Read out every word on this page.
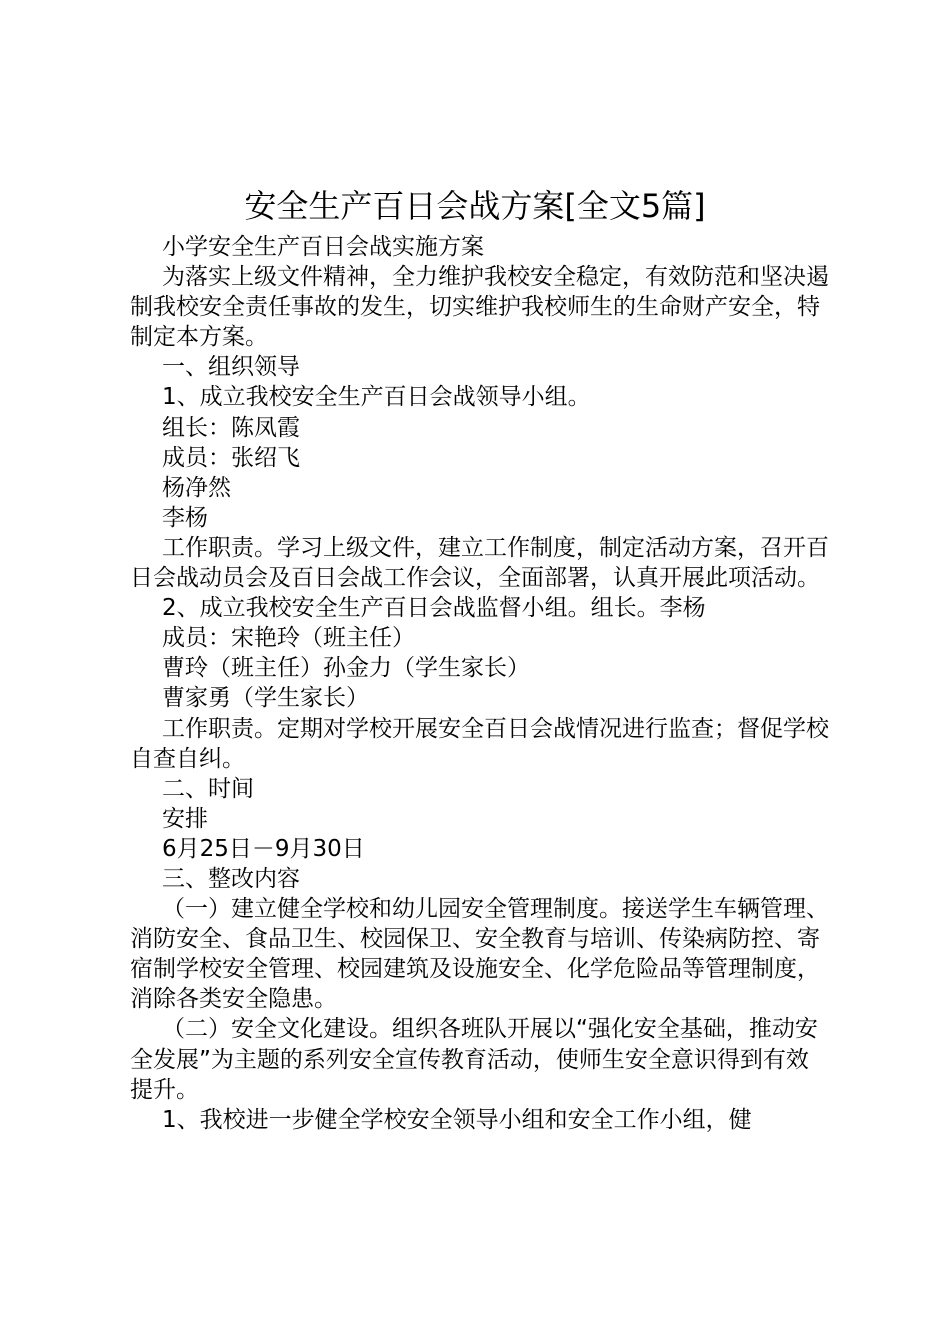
安全生产百日会战方案[全文5篇]

小学安全生产百日会战实施方案

为落实上级文件精神，全力维护我校安全稳定，有效防范和坚决遏制我校安全责任事故的发生，切实维护我校师生的生命财产安全，特制定本方案。

一、组织领导

1、成立我校安全生产百日会战领导小组。

组长：陈凤霞

成员：张绍飞

杨净然

李杨

工作职责。学习上级文件，建立工作制度，制定活动方案，召开百日会战动员会及百日会战工作会议，全面部署，认真开展此项活动。

2、成立我校安全生产百日会战监督小组。组长。李杨

成员：宋艳玲（班主任）

曹玲（班主任）孙金力（学生家长）

曹家勇（学生家长）

工作职责。定期对学校开展安全百日会战情况进行监查；督促学校自查自纠。

二、时间

安排

6月25日－9月30日

三、整改内容

（一）建立健全学校和幼儿园安全管理制度。接送学生车辆管理、消防安全、食品卫生、校园保卫、安全教育与培训、传染病防控、寄宿制学校安全管理、校园建筑及设施安全、化学危险品等管理制度，消除各类安全隐患。

（二）安全文化建设。组织各班队开展以“强化安全基础，推动安全发展”为主题的系列安全宣传教育活动，使师生安全意识得到有效提升。

1、我校进一步健全学校安全领导小组和安全工作小组，健
